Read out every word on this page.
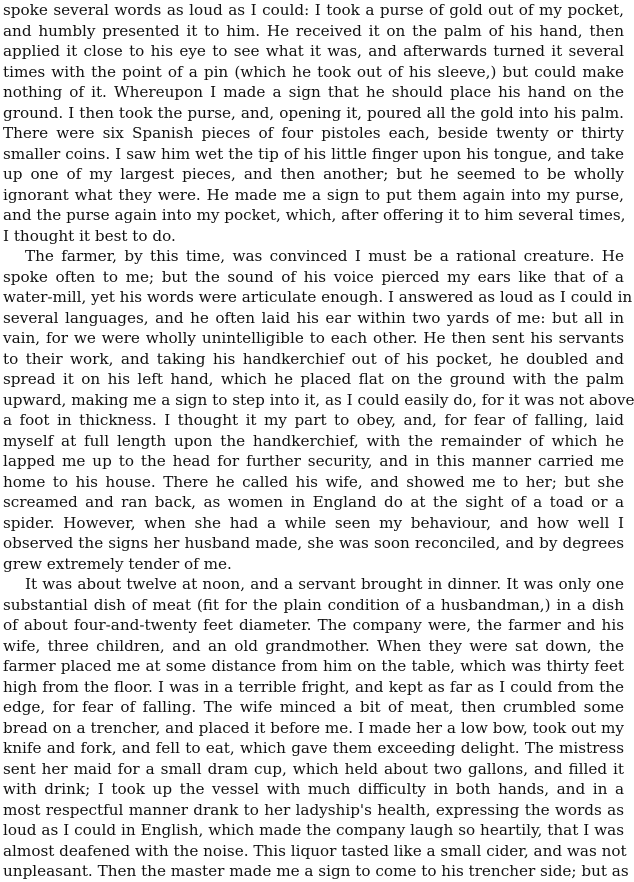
spoke several words as loud as I could: I took a purse of gold out of my pocket,
and humbly presented it to him. He received it on the palm of his hand, then
applied it close to his eye to see what it was, and afterwards turned it several
times with the point of a pin (which he took out of his sleeve,) but could make
nothing of it. Whereupon I made a sign that he should place his hand on the
ground. I then took the purse, and, opening it, poured all the gold into his palm.
There were six Spanish pieces of four pistoles each, beside twenty or thirty
smaller coins. I saw him wet the tip of his little finger upon his tongue, and take
up one of my largest pieces, and then another; but he seemed to be wholly
ignorant what they were. He made me a sign to put them again into my purse,
and the purse again into my pocket, which, after offering it to him several times,
I thought it best to do.
The farmer, by this time, was convinced I must be a rational creature. He
spoke often to me; but the sound of his voice pierced my ears like that of a
water-mill, yet his words were articulate enough. I answered as loud as I could in
several languages, and he often laid his ear within two yards of me: but all in
vain, for we were wholly unintelligible to each other. He then sent his servants
to their work, and taking his handkerchief out of his pocket, he doubled and
spread it on his left hand, which he placed flat on the ground with the palm
upward, making me a sign to step into it, as I could easily do, for it was not above
a foot in thickness. I thought it my part to obey, and, for fear of falling, laid
myself at full length upon the handkerchief, with the remainder of which he
lapped me up to the head for further security, and in this manner carried me
home to his house. There he called his wife, and showed me to her; but she
screamed and ran back, as women in England do at the sight of a toad or a
spider. However, when she had a while seen my behaviour, and how well I
observed the signs her husband made, she was soon reconciled, and by degrees
grew extremely tender of me.
It was about twelve at noon, and a servant brought in dinner. It was only one
substantial dish of meat (fit for the plain condition of a husbandman,) in a dish
of about four-and-twenty feet diameter. The company were, the farmer and his
wife, three children, and an old grandmother. When they were sat down, the
farmer placed me at some distance from him on the table, which was thirty feet
high from the floor. I was in a terrible fright, and kept as far as I could from the
edge, for fear of falling. The wife minced a bit of meat, then crumbled some
bread on a trencher, and placed it before me. I made her a low bow, took out my
knife and fork, and fell to eat, which gave them exceeding delight. The mistress
sent her maid for a small dram cup, which held about two gallons, and filled it
with drink; I took up the vessel with much difficulty in both hands, and in a
most respectful manner drank to her ladyship's health, expressing the words as
loud as I could in English, which made the company laugh so heartily, that I was
almost deafened with the noise. This liquor tasted like a small cider, and was not
unpleasant. Then the master made me a sign to come to his trencher side; but as
